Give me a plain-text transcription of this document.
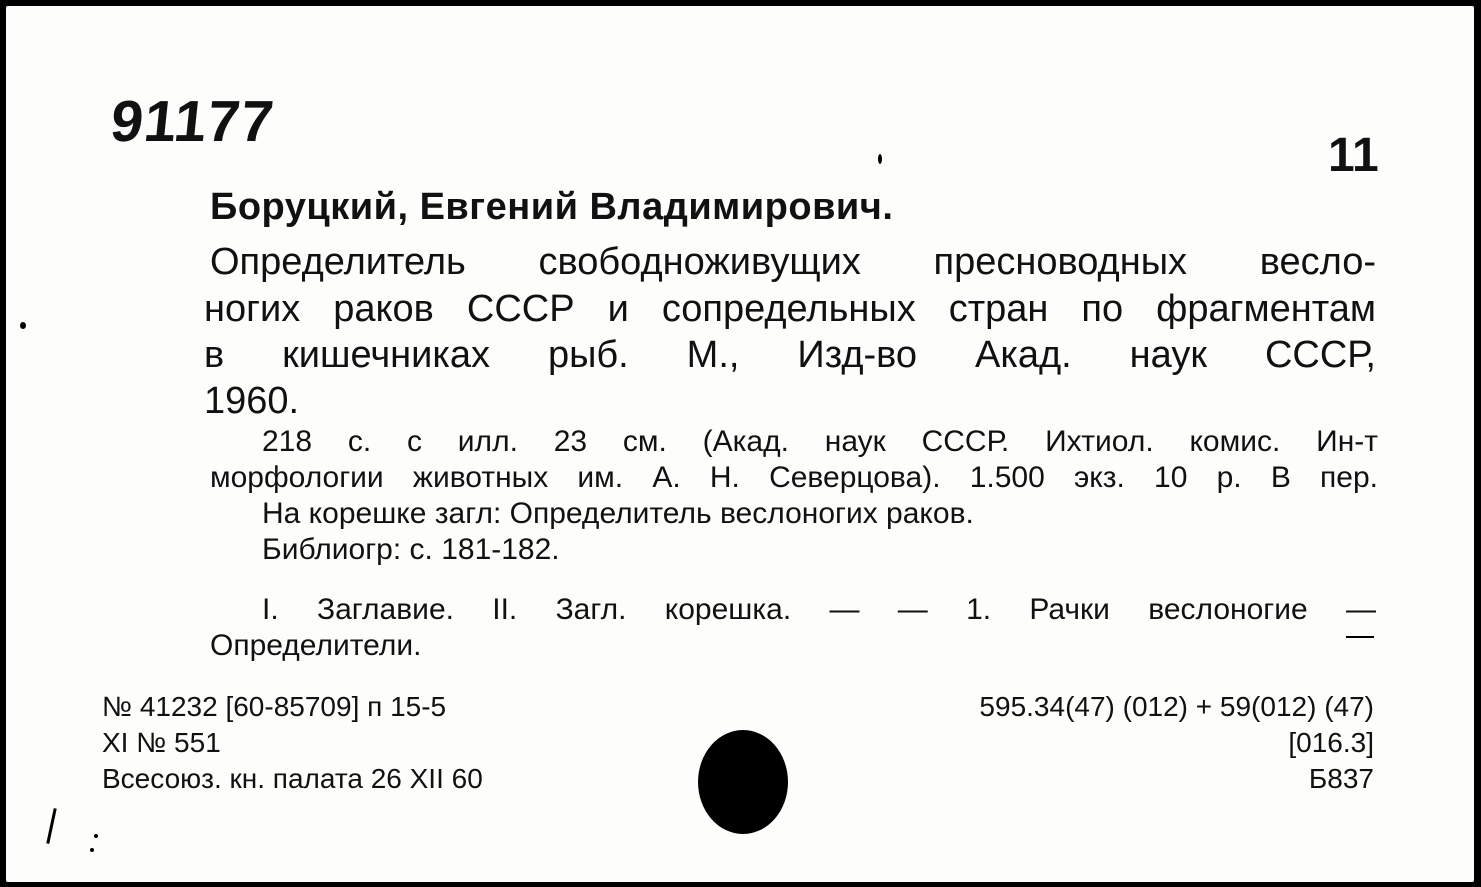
91177
11
Боруцкий, Евгений Владимирович.
Определитель свободноживущих пресноводных весло-
ногих раков СССР и сопредельных стран по фрагментам
в кишечниках рыб. М., Изд-во Акад. наук СССР,
1960.
218 с. с илл. 23 см. (Акад. наук СССР. Ихтиол. комис. Ин-т
морфологии животных им. А. Н. Северцова). 1.500 экз. 10 р. В пер.
На корешке загл: Определитель веслоногих раков.
Библиогр: с. 181-182.
I. Заглавие. II. Загл. корешка. — — 1. Рачки веслоногие —
Определители.
№ 41232 [60-85709] п 15-5
XI № 551
Всесоюз. кн. палата 26 XII 60
595.34(47) (012) + 59(012) (47)
[016.3]
Б837
